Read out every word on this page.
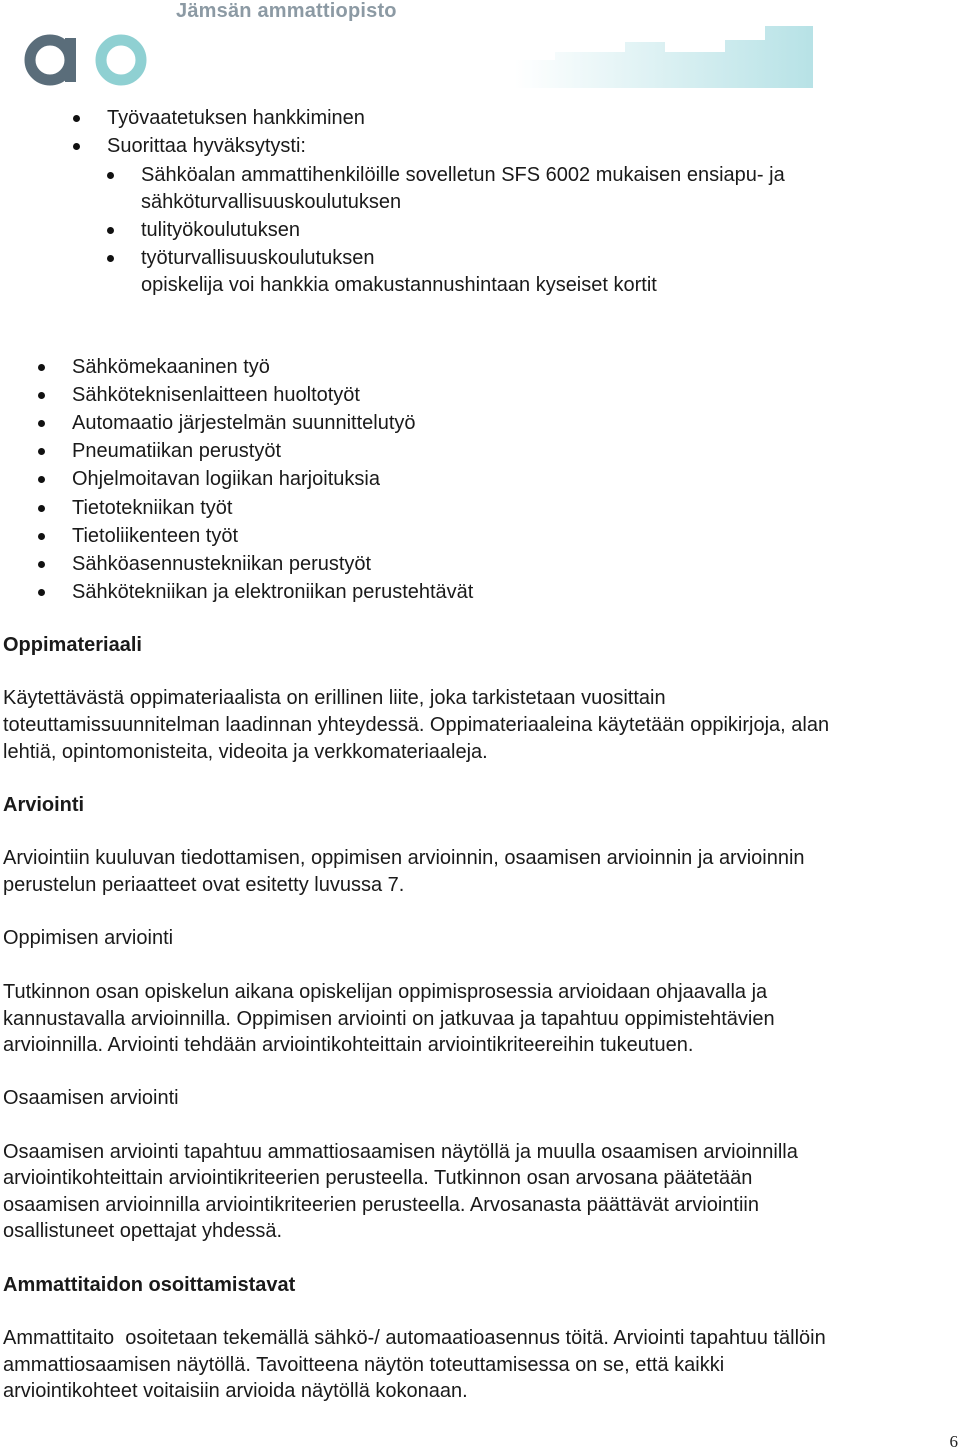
Jämsän ammattiopisto
Työvaatetuksen hankkiminen
Suorittaa hyväksytysti:
Sähköalan ammattihenkilöille sovelletun SFS 6002 mukaisen ensiapu- ja
sähköturvallisuuskoulutuksen
tulityökoulutuksen
työturvallisuuskoulutuksen
opiskelija voi hankkia omakustannushintaan kyseiset kortit
Sähkömekaaninen työ
Sähköteknisenlaitteen huoltotyöt
Automaatio järjestelmän suunnittelutyö
Pneumatiikan perustyöt
Ohjelmoitavan logiikan harjoituksia
Tietotekniikan työt
Tietoliikenteen työt
Sähköasennustekniikan perustyöt
Sähkötekniikan ja elektroniikan perustehtävät
Oppimateriaali
Käytettävästä oppimateriaalista on erillinen liite, joka tarkistetaan vuosittain
toteuttamissuunnitelman laadinnan yhteydessä. Oppimateriaaleina käytetään oppikirjoja, alan
lehtiä, opintomonisteita, videoita ja verkkomateriaaleja.
Arviointi
Arviointiin kuuluvan tiedottamisen, oppimisen arvioinnin, osaamisen arvioinnin ja arvioinnin
perustelun periaatteet ovat esitetty luvussa 7.
Oppimisen arviointi
Tutkinnon osan opiskelun aikana opiskelijan oppimisprosessia arvioidaan ohjaavalla ja
kannustavalla arvioinnilla. Oppimisen arviointi on jatkuvaa ja tapahtuu oppimistehtävien
arvioinnilla. Arviointi tehdään arviointikohteittain arviointikriteereihin tukeutuen.
Osaamisen arviointi
Osaamisen arviointi tapahtuu ammattiosaamisen näytöllä ja muulla osaamisen arvioinnilla
arviointikohteittain arviointikriteerien perusteella. Tutkinnon osan arvosana päätetään
osaamisen arvioinnilla arviointikriteerien perusteella. Arvosanasta päättävät arviointiin
osallistuneet opettajat yhdessä.
Ammattitaidon osoittamistavat
Ammattitaito  osoitetaan tekemällä sähkö-/ automaatioasennus töitä. Arviointi tapahtuu tällöin
ammattiosaamisen näytöllä. Tavoitteena näytön toteuttamisessa on se, että kaikki
arviointikohteet voitaisiin arvioida näytöllä kokonaan.
6
